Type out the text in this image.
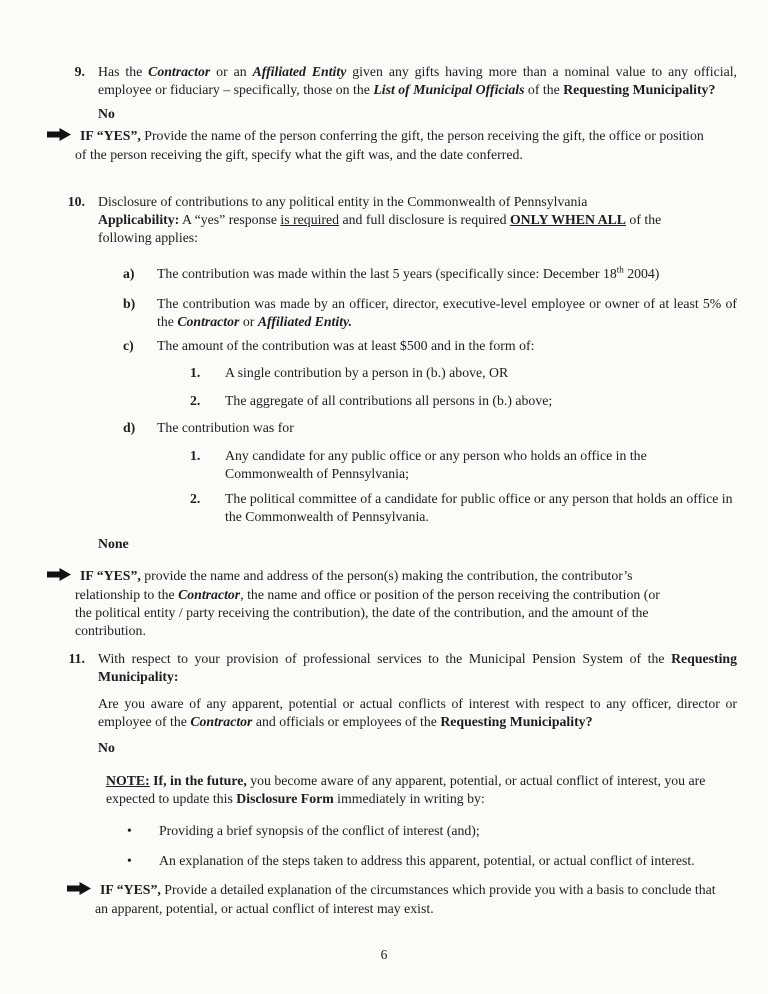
9. Has the Contractor or an Affiliated Entity given any gifts having more than a nominal value to any official, employee or fiduciary – specifically, those on the List of Municipal Officials of the Requesting Municipality?

No

IF “YES”, Provide the name of the person conferring the gift, the person receiving the gift, the office or position of the person receiving the gift, specify what the gift was, and the date conferred.

10. Disclosure of contributions to any political entity in the Commonwealth of Pennsylvania

Applicability: A “yes” response is required and full disclosure is required ONLY WHEN ALL of the following applies:

a)	The contribution was made within the last 5 years (specifically since: December 18th 2004)
b)	The contribution was made by an officer, director, executive-level employee or owner of at least 5% of the Contractor or Affiliated Entity.
c)	The amount of the contribution was at least $500 and in the form of:
1.	A single contribution by a person in (b.) above, OR
2.	The aggregate of all contributions all persons in (b.) above;
d)	The contribution was for
1.	Any candidate for any public office or any person who holds an office in the Commonwealth of Pennsylvania;
2.	The political committee of a candidate for public office or any person that holds an office in the Commonwealth of Pennsylvania.

None

IF “YES”, provide the name and address of the person(s) making the contribution, the contributor’s relationship to the Contractor, the name and office or position of the person receiving the contribution (or the political entity / party receiving the contribution), the date of the contribution, and the amount of the contribution.

11. With respect to your provision of professional services to the Municipal Pension System of the Requesting Municipality:

Are you aware of any apparent, potential or actual conflicts of interest with respect to any officer, director or employee of the Contractor and officials or employees of the Requesting Municipality?

No

NOTE: If, in the future, you become aware of any apparent, potential, or actual conflict of interest, you are expected to update this Disclosure Form immediately in writing by:

•	Providing a brief synopsis of the conflict of interest (and);
•	An explanation of the steps taken to address this apparent, potential, or actual conflict of interest.

IF “YES”, Provide a detailed explanation of the circumstances which provide you with a basis to conclude that an apparent, potential, or actual conflict of interest may exist.

6
